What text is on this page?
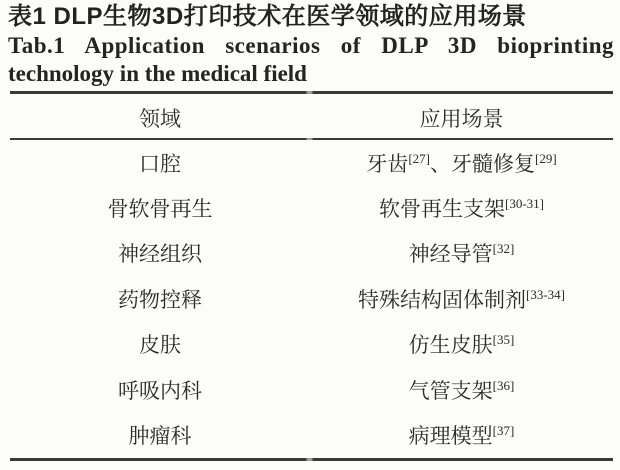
表1 DLP生物3D打印技术在医学领域的应用场景
Tab.1 Application scenarios of DLP 3D bioprinting
technology in the medical field
领域	应用场景
口腔	牙齿[27]、牙髓修复[29]
骨软骨再生	软骨再生支架[30-31]
神经组织	神经导管[32]
药物控释	特殊结构固体制剂[33-34]
皮肤	仿生皮肤[35]
呼吸内科	气管支架[36]
肿瘤科	病理模型[37]
